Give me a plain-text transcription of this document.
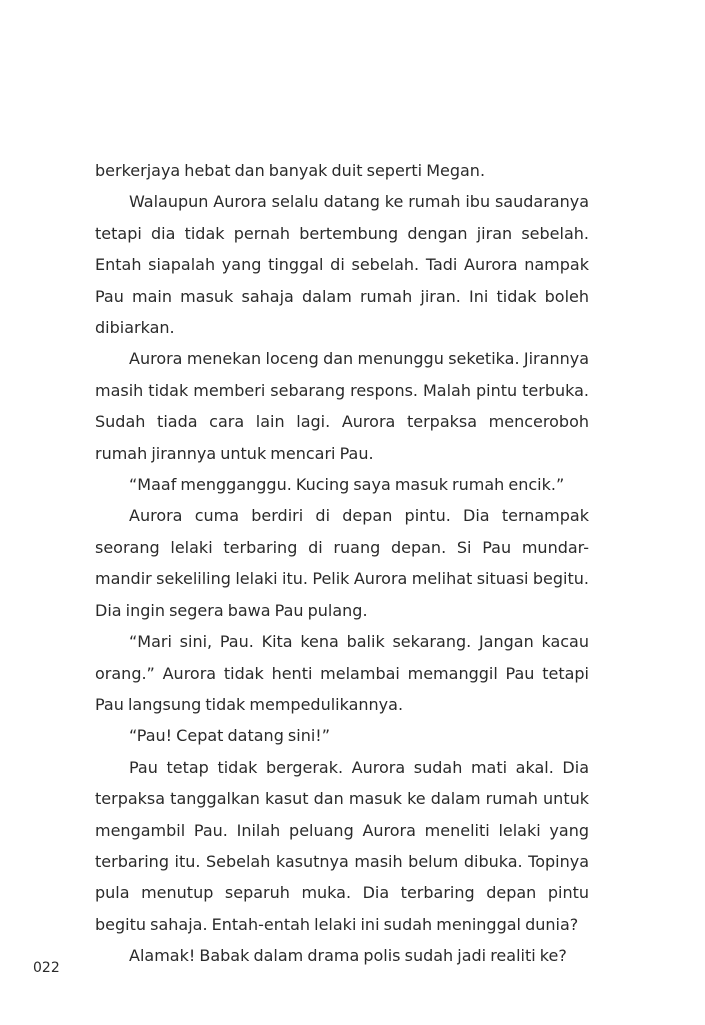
berkerjaya hebat dan banyak duit seperti Megan.

Walaupun Aurora selalu datang ke rumah ibu saudaranya tetapi dia tidak pernah bertembung dengan jiran sebelah. Entah siapalah yang tinggal di sebelah. Tadi Aurora nampak Pau main masuk sahaja dalam rumah jiran. Ini tidak boleh dibiarkan.

Aurora menekan loceng dan menunggu seketika. Jirannya masih tidak memberi sebarang respons. Malah pintu terbuka. Sudah tiada cara lain lagi. Aurora terpaksa menceroboh rumah jirannya untuk mencari Pau.

“Maaf mengganggu. Kucing saya masuk rumah encik.”

Aurora cuma berdiri di depan pintu. Dia ternampak seorang lelaki terbaring di ruang depan. Si Pau mundar-mandir sekeliling lelaki itu. Pelik Aurora melihat situasi begitu. Dia ingin segera bawa Pau pulang.

“Mari sini, Pau. Kita kena balik sekarang. Jangan kacau orang.” Aurora tidak henti melambai memanggil Pau tetapi Pau langsung tidak mempedulikannya.

“Pau! Cepat datang sini!”

Pau tetap tidak bergerak. Aurora sudah mati akal. Dia terpaksa tanggalkan kasut dan masuk ke dalam rumah untuk mengambil Pau. Inilah peluang Aurora meneliti lelaki yang terbaring itu. Sebelah kasutnya masih belum dibuka. Topinya pula menutup separuh muka. Dia terbaring depan pintu begitu sahaja. Entah-entah lelaki ini sudah meninggal dunia?

Alamak! Babak dalam drama polis sudah jadi realiti ke?

022
